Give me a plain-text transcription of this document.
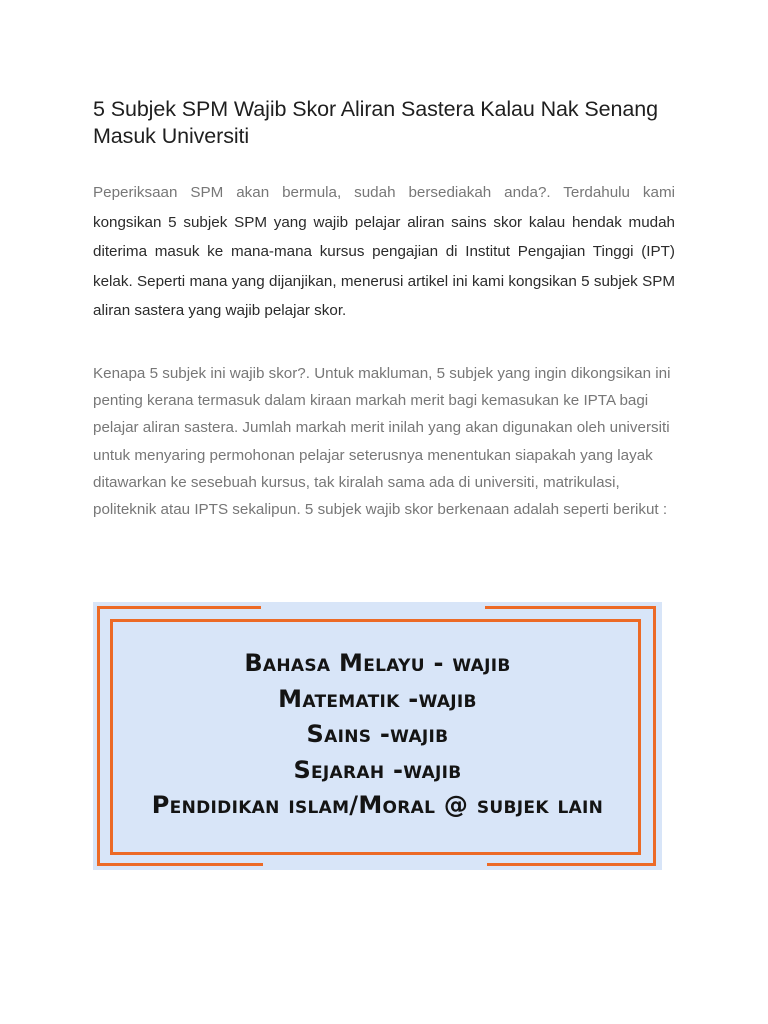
5 Subjek SPM Wajib Skor Aliran Sastera Kalau Nak Senang Masuk Universiti

Peperiksaan SPM akan bermula, sudah bersediakah anda?. Terdahulu kami kongsikan 5 subjek SPM yang wajib pelajar aliran sains skor kalau hendak mudah diterima masuk ke mana-mana kursus pengajian di Institut Pengajian Tinggi (IPT) kelak. Seperti mana yang dijanjikan, menerusi artikel ini kami kongsikan 5 subjek SPM aliran sastera yang wajib pelajar skor.

Kenapa 5 subjek ini wajib skor?. Untuk makluman, 5 subjek yang ingin dikongsikan ini penting kerana termasuk dalam kiraan markah merit bagi kemasukan ke IPTA bagi pelajar aliran sastera. Jumlah markah merit inilah yang akan digunakan oleh universiti untuk menyaring permohonan pelajar seterusnya menentukan siapakah yang layak ditawarkan ke sesebuah kursus, tak kiralah sama ada di universiti, matrikulasi, politeknik atau IPTS sekalipun. 5 subjek wajib skor berkenaan adalah seperti berikut :

Bahasa Melayu - wajib
Matematik -wajib
Sains -wajib
Sejarah -wajib
Pendidikan islam/Moral @ subjek lain
